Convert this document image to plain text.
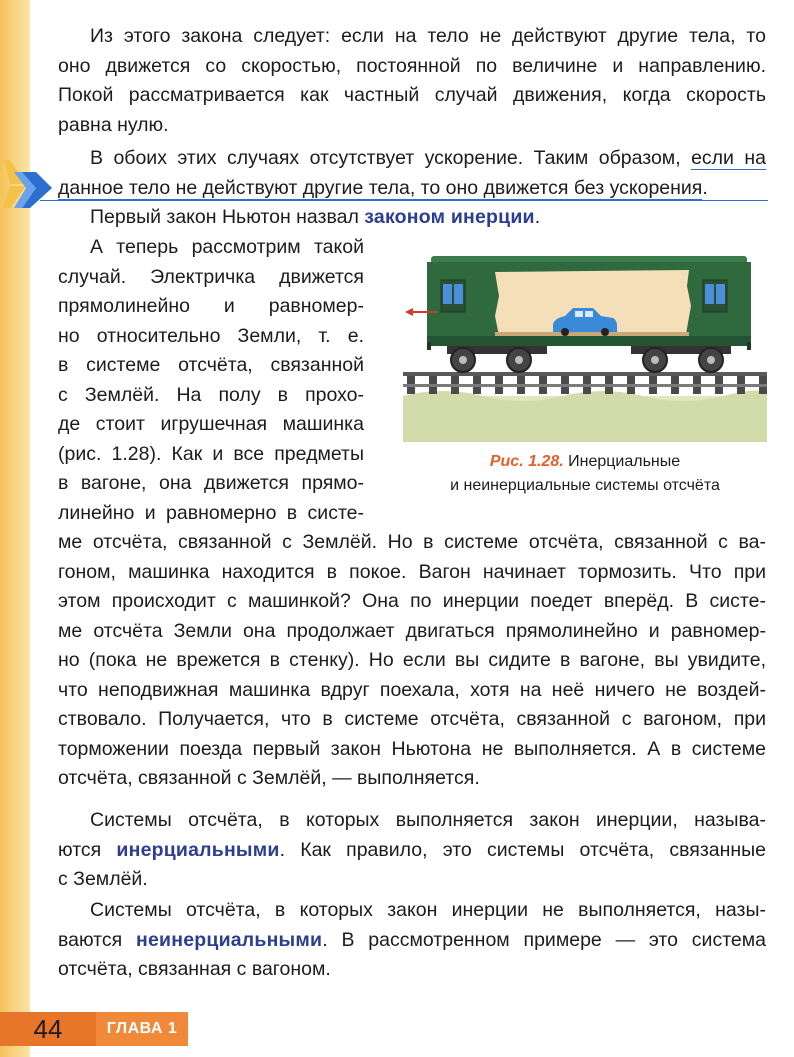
Из этого закона следует: если на тело не действуют другие тела, то
оно движется со скоростью, постоянной по величине и направлению.
Покой рассматривается как частный случай движения, когда скорость
равна нулю.
В обоих этих случаях отсутствует ускорение. Таким образом, если на
данное тело не действуют другие тела, то оно движется без ускорения.
Первый закон Ньютон назвал законом инерции.
А теперь рассмотрим такой
случай. Электричка движется
прямолинейно и равномер-
но относительно Земли, т. е.
в системе отсчёта, связанной
с Землёй. На полу в прохо-
де стоит игрушечная машинка
(рис. 1.28). Как и все предметы
в вагоне, она движется прямо-
линейно и равномерно в систе-
Рис. 1.28. Инерциальные
и неинерциальные системы отсчёта
ме отсчёта, связанной с Землёй. Но в системе отсчёта, связанной с ва-
гоном, машинка находится в покое. Вагон начинает тормозить. Что при
этом происходит с машинкой? Она по инерции поедет вперёд. В систе-
ме отсчёта Земли она продолжает двигаться прямолинейно и равномер-
но (пока не врежется в стенку). Но если вы сидите в вагоне, вы увидите,
что неподвижная машинка вдруг поехала, хотя на неё ничего не воздей-
ствовало. Получается, что в системе отсчёта, связанной с вагоном, при
торможении поезда первый закон Ньютона не выполняется. А в системе
отсчёта, связанной с Землёй, — выполняется.
Системы отсчёта, в которых выполняется закон инерции, называ-
ются инерциальными. Как правило, это системы отсчёта, связанные
с Землёй.
Системы отсчёта, в которых закон инерции не выполняется, назы-
ваются неинерциальными. В рассмотренном примере — это система
отсчёта, связанная с вагоном.
44	ГЛАВА 1
